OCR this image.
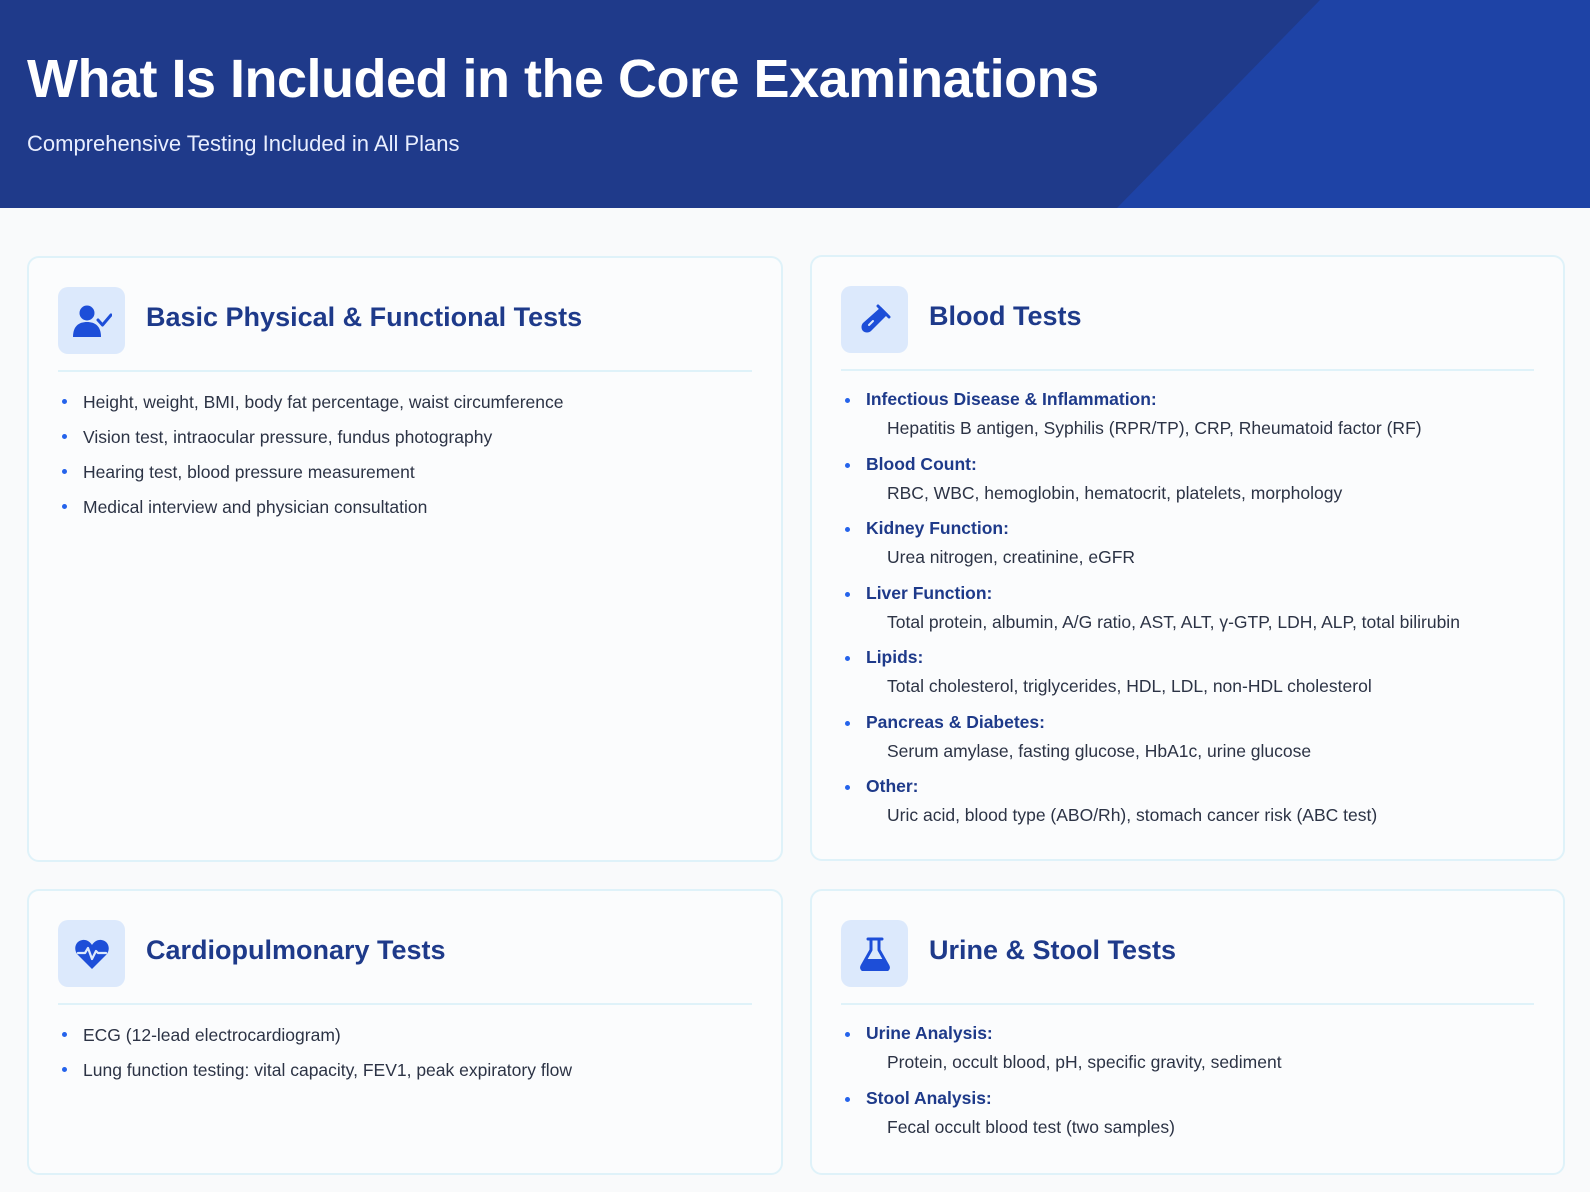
What Is Included in the Core Examinations
Comprehensive Testing Included in All Plans
Basic Physical & Functional Tests
Height, weight, BMI, body fat percentage, waist circumference
Vision test, intraocular pressure, fundus photography
Hearing test, blood pressure measurement
Medical interview and physician consultation
Blood Tests
Infectious Disease & Inflammation:
Hepatitis B antigen, Syphilis (RPR/TP), CRP, Rheumatoid factor (RF)
Blood Count:
RBC, WBC, hemoglobin, hematocrit, platelets, morphology
Kidney Function:
Urea nitrogen, creatinine, eGFR
Liver Function:
Total protein, albumin, A/G ratio, AST, ALT, γ-GTP, LDH, ALP, total bilirubin
Lipids:
Total cholesterol, triglycerides, HDL, LDL, non-HDL cholesterol
Pancreas & Diabetes:
Serum amylase, fasting glucose, HbA1c, urine glucose
Other:
Uric acid, blood type (ABO/Rh), stomach cancer risk (ABC test)
Cardiopulmonary Tests
ECG (12-lead electrocardiogram)
Lung function testing: vital capacity, FEV1, peak expiratory flow
Urine & Stool Tests
Urine Analysis:
Protein, occult blood, pH, specific gravity, sediment
Stool Analysis:
Fecal occult blood test (two samples)
